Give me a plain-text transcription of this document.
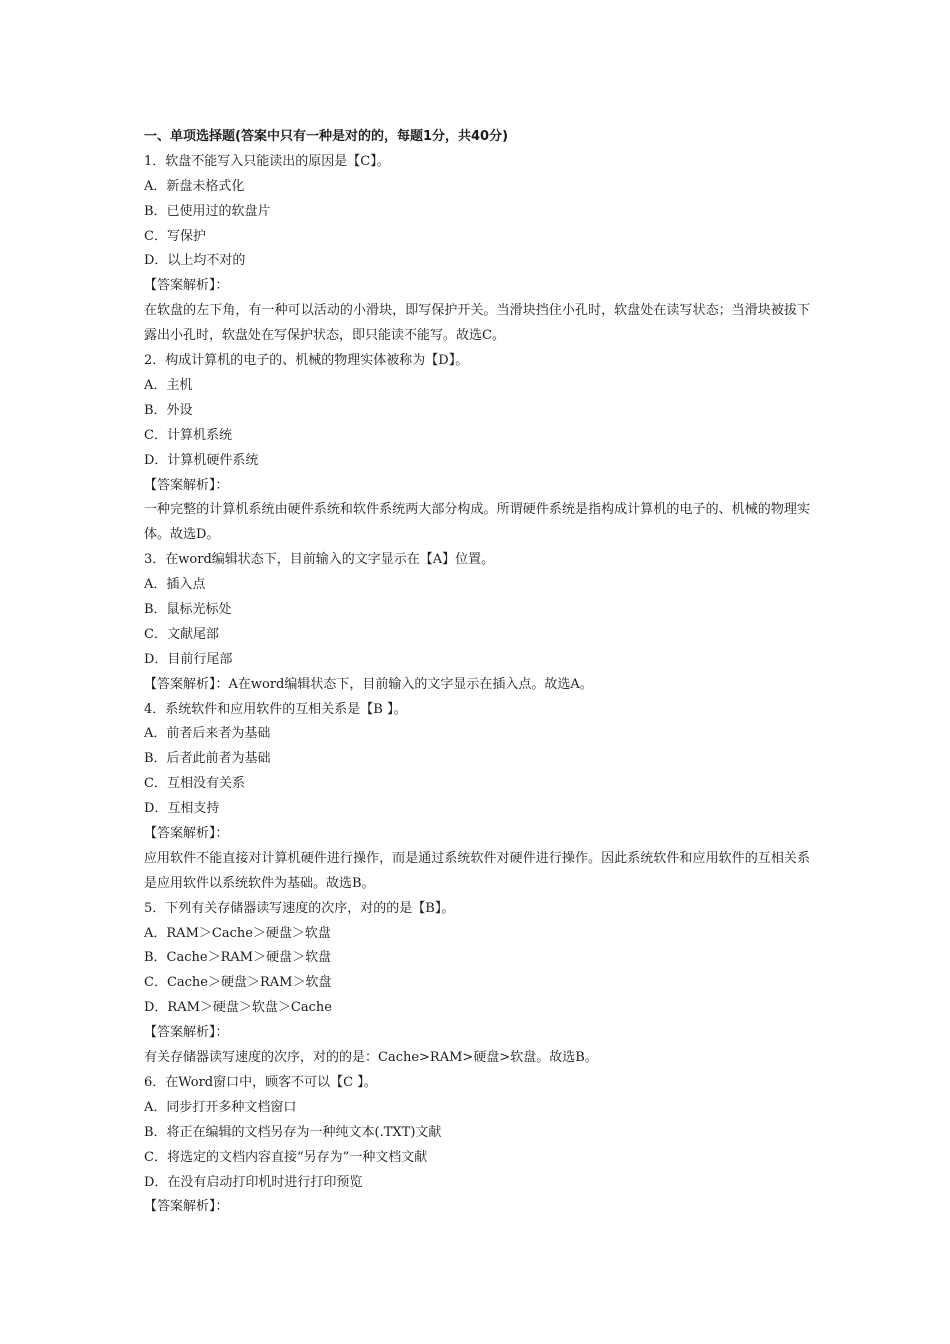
一、单项选择题(答案中只有一种是对的的，每题1分，共40分)
1．软盘不能写入只能读出的原因是【C】。
A．新盘未格式化
B．已使用过的软盘片
C．写保护
D．以上均不对的
【答案解析】：
在软盘的左下角，有一种可以活动的小滑块，即写保护开关。当滑块挡住小孔时，软盘处在读写状态；当滑块被拔下露出小孔时，软盘处在写保护状态，即只能读不能写。故选C。
2．构成计算机的电子的、机械的物理实体被称为【D】。
A．主机
B．外设
C．计算机系统
D．计算机硬件系统
【答案解析】：
一种完整的计算机系统由硬件系统和软件系统两大部分构成。所谓硬件系统是指构成计算机的电子的、机械的物理实体。故选D。
3．在word编辑状态下，目前输入的文字显示在【A】位置。
A．插入点
B．鼠标光标处
C．文献尾部
D．目前行尾部
【答案解析】：A在word编辑状态下，目前输入的文字显示在插入点。故选A。
4．系统软件和应用软件的互相关系是【B 】。
A．前者后来者为基础
B．后者此前者为基础
C．互相没有关系
D．互相支持
【答案解析】：
应用软件不能直接对计算机硬件进行操作，而是通过系统软件对硬件进行操作。因此系统软件和应用软件的互相关系是应用软件以系统软件为基础。故选B。
5．下列有关存储器读写速度的次序，对的的是【B】。
A．RAM＞Cache＞硬盘＞软盘
B．Cache＞RAM＞硬盘＞软盘
C．Cache＞硬盘＞RAM＞软盘
D．RAM＞硬盘＞软盘＞Cache
【答案解析】：
有关存储器读写速度的次序，对的的是：Cache>RAM>硬盘>软盘。故选B。
6．在Word窗口中，顾客不可以【C 】。
A．同步打开多种文档窗口
B．将正在编辑的文档另存为一种纯文本(.TXT)文献
C．将选定的文档内容直接“另存为”一种文档文献
D．在没有启动打印机时进行打印预览
【答案解析】：
